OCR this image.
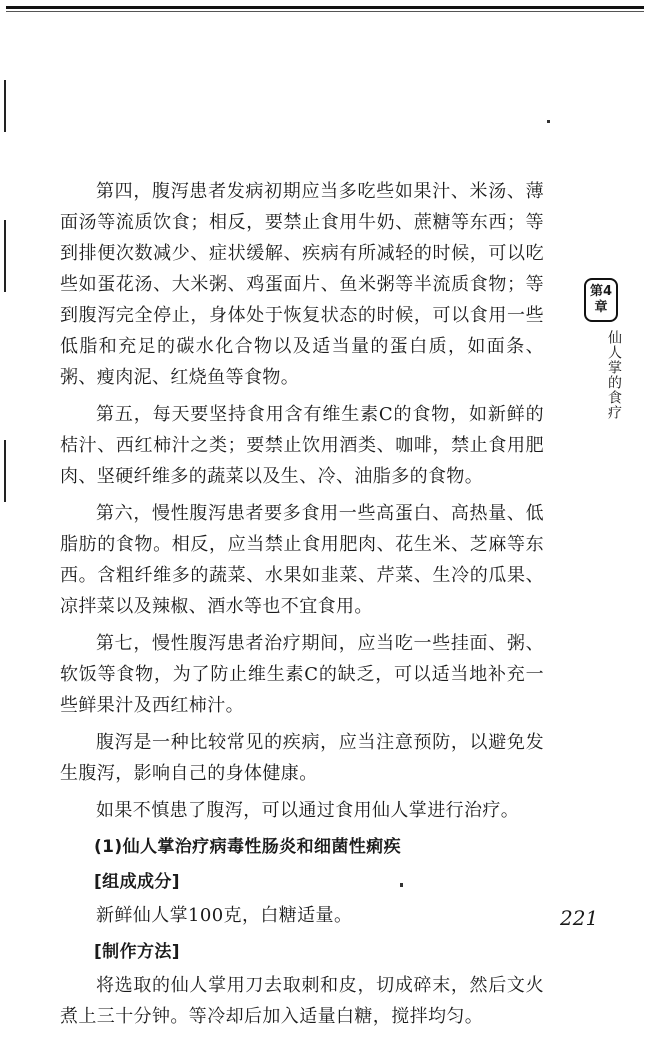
第四，腹泻患者发病初期应当多吃些如果汁、米汤、薄面汤等流质饮食；相反，要禁止食用牛奶、蔗糖等东西；等到排便次数减少、症状缓解、疾病有所减轻的时候，可以吃些如蛋花汤、大米粥、鸡蛋面片、鱼米粥等半流质食物；等到腹泻完全停止，身体处于恢复状态的时候，可以食用一些低脂和充足的碳水化合物以及适当量的蛋白质，如面条、粥、瘦肉泥、红烧鱼等食物。

第五，每天要坚持食用含有维生素C的食物，如新鲜的桔汁、西红柿汁之类；要禁止饮用酒类、咖啡，禁止食用肥肉、坚硬纤维多的蔬菜以及生、冷、油脂多的食物。

第六，慢性腹泻患者要多食用一些高蛋白、高热量、低脂肪的食物。相反，应当禁止食用肥肉、花生米、芝麻等东西。含粗纤维多的蔬菜、水果如韭菜、芹菜、生冷的瓜果、凉拌菜以及辣椒、酒水等也不宜食用。

第七，慢性腹泻患者治疗期间，应当吃一些挂面、粥、软饭等食物，为了防止维生素C的缺乏，可以适当地补充一些鲜果汁及西红柿汁。

腹泻是一种比较常见的疾病，应当注意预防，以避免发生腹泻，影响自己的身体健康。

如果不慎患了腹泻，可以通过食用仙人掌进行治疗。

(1)仙人掌治疗病毒性肠炎和细菌性痢疾

[组成成分]

新鲜仙人掌100克，白糖适量。

[制作方法]

将选取的仙人掌用刀去取刺和皮，切成碎末，然后文火煮上三十分钟。等冷却后加入适量白糖，搅拌均匀。

第4章
仙人掌的食疗
221
